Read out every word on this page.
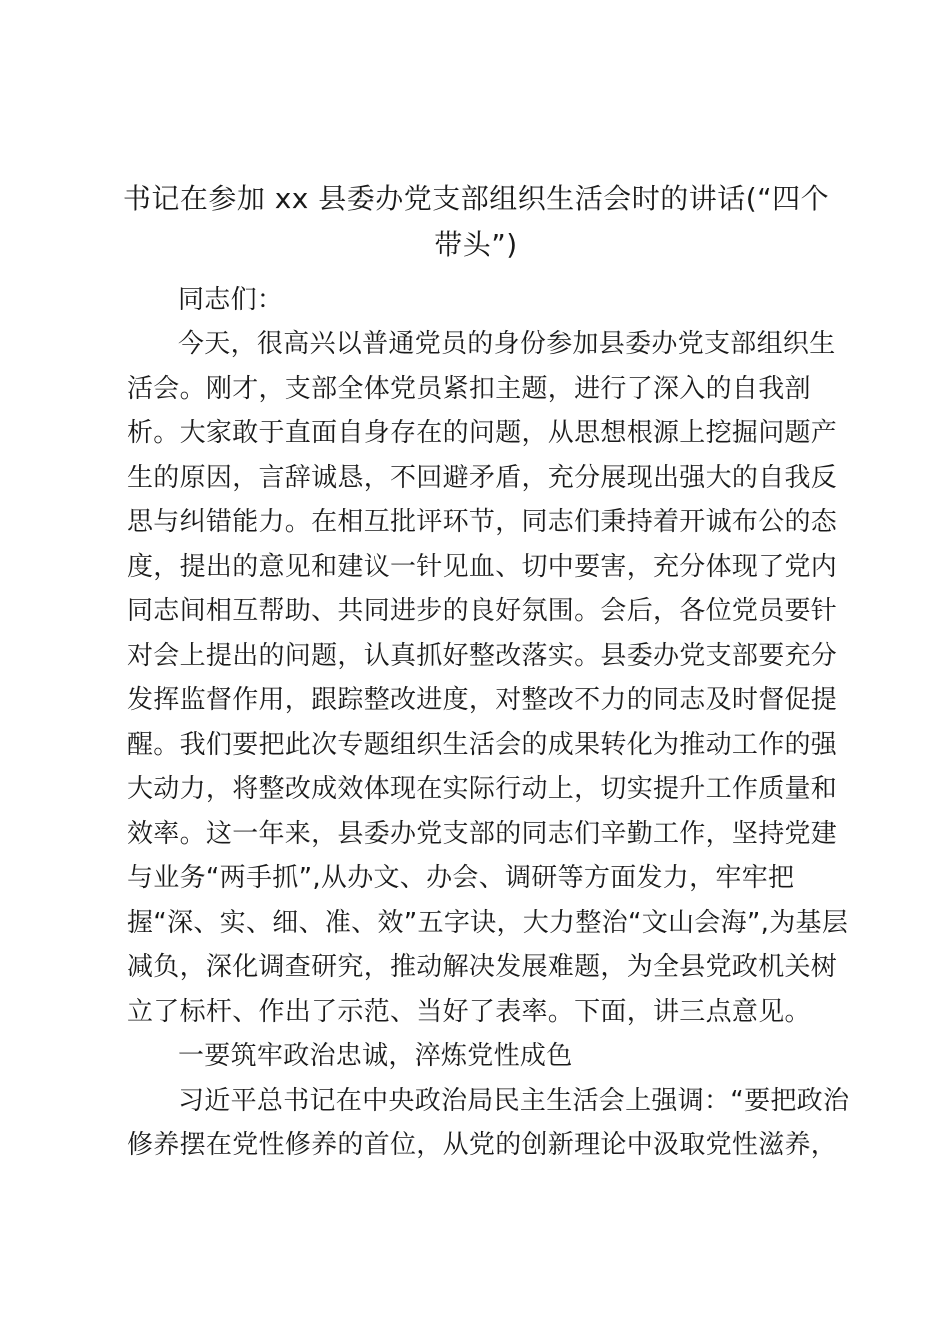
书记在参加 xx 县委办党支部组织生活会时的讲话(“四个
带头”)
同志们：
今天，很高兴以普通党员的身份参加县委办党支部组织生
活会。刚才，支部全体党员紧扣主题，进行了深入的自我剖
析。大家敢于直面自身存在的问题，从思想根源上挖掘问题产
生的原因，言辞诚恳，不回避矛盾，充分展现出强大的自我反
思与纠错能力。在相互批评环节，同志们秉持着开诚布公的态
度，提出的意见和建议一针见血、切中要害，充分体现了党内
同志间相互帮助、共同进步的良好氛围。会后，各位党员要针
对会上提出的问题，认真抓好整改落实。县委办党支部要充分
发挥监督作用，跟踪整改进度，对整改不力的同志及时督促提
醒。我们要把此次专题组织生活会的成果转化为推动工作的强
大动力，将整改成效体现在实际行动上，切实提升工作质量和
效率。这一年来，县委办党支部的同志们辛勤工作，坚持党建
与业务“两手抓”,从办文、办会、调研等方面发力，牢牢把
握“深、实、细、准、效”五字诀，大力整治“文山会海”,为基层
减负，深化调查研究，推动解决发展难题，为全县党政机关树
立了标杆、作出了示范、当好了表率。下面，讲三点意见。
一要筑牢政治忠诚，淬炼党性成色
习近平总书记在中央政治局民主生活会上强调：“要把政治
修养摆在党性修养的首位，从党的创新理论中汲取党性滋养，
